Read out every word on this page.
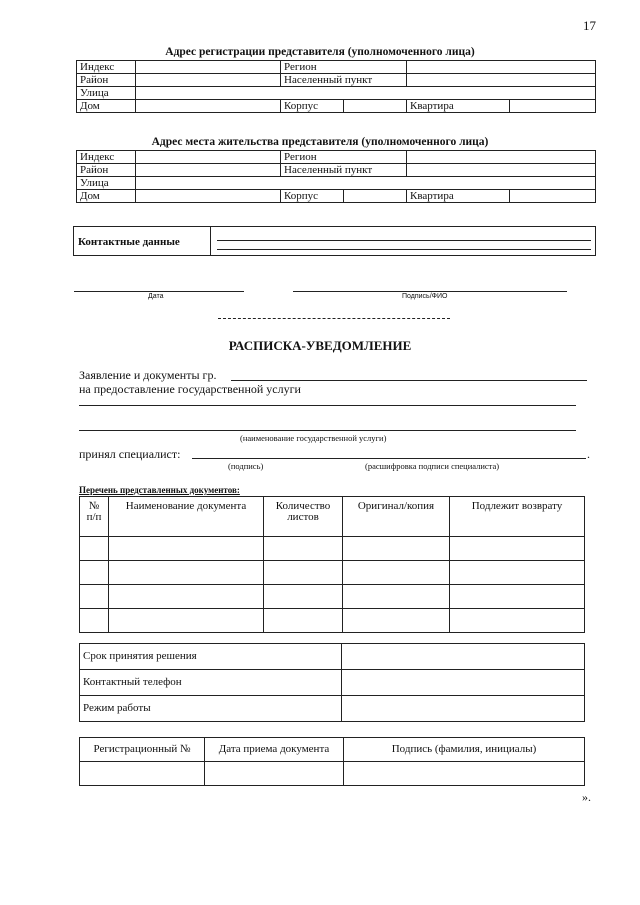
17
Адрес регистрации представителя (уполномоченного лица)
Индекс		Регион			
Район		Населенный пункт			
Улица					
Дом		Корпус		Квартира	
Адрес места жительства представителя (уполномоченного лица)
Индекс		Регион			
Район		Населенный пункт			
Улица					
Дом		Корпус		Квартира	
Контактные данные
Дата	Подпись/ФИО
РАСПИСКА-УВЕДОМЛЕНИЕ
Заявление и документы гр.
на предоставление государственной услуги
(наименование государственной услуги)
принял специалист:	.
(подпись)	(расшифровка подписи специалиста)
Перечень представленных документов:
№ п/п	Наименование документа	Количество листов	Оригинал/копия	Подлежит возврату

Срок принятия решения	
Контактный телефон	
Режим работы	
Регистрационный №	Дата приема документа	Подпись (фамилия, инициалы)

».
